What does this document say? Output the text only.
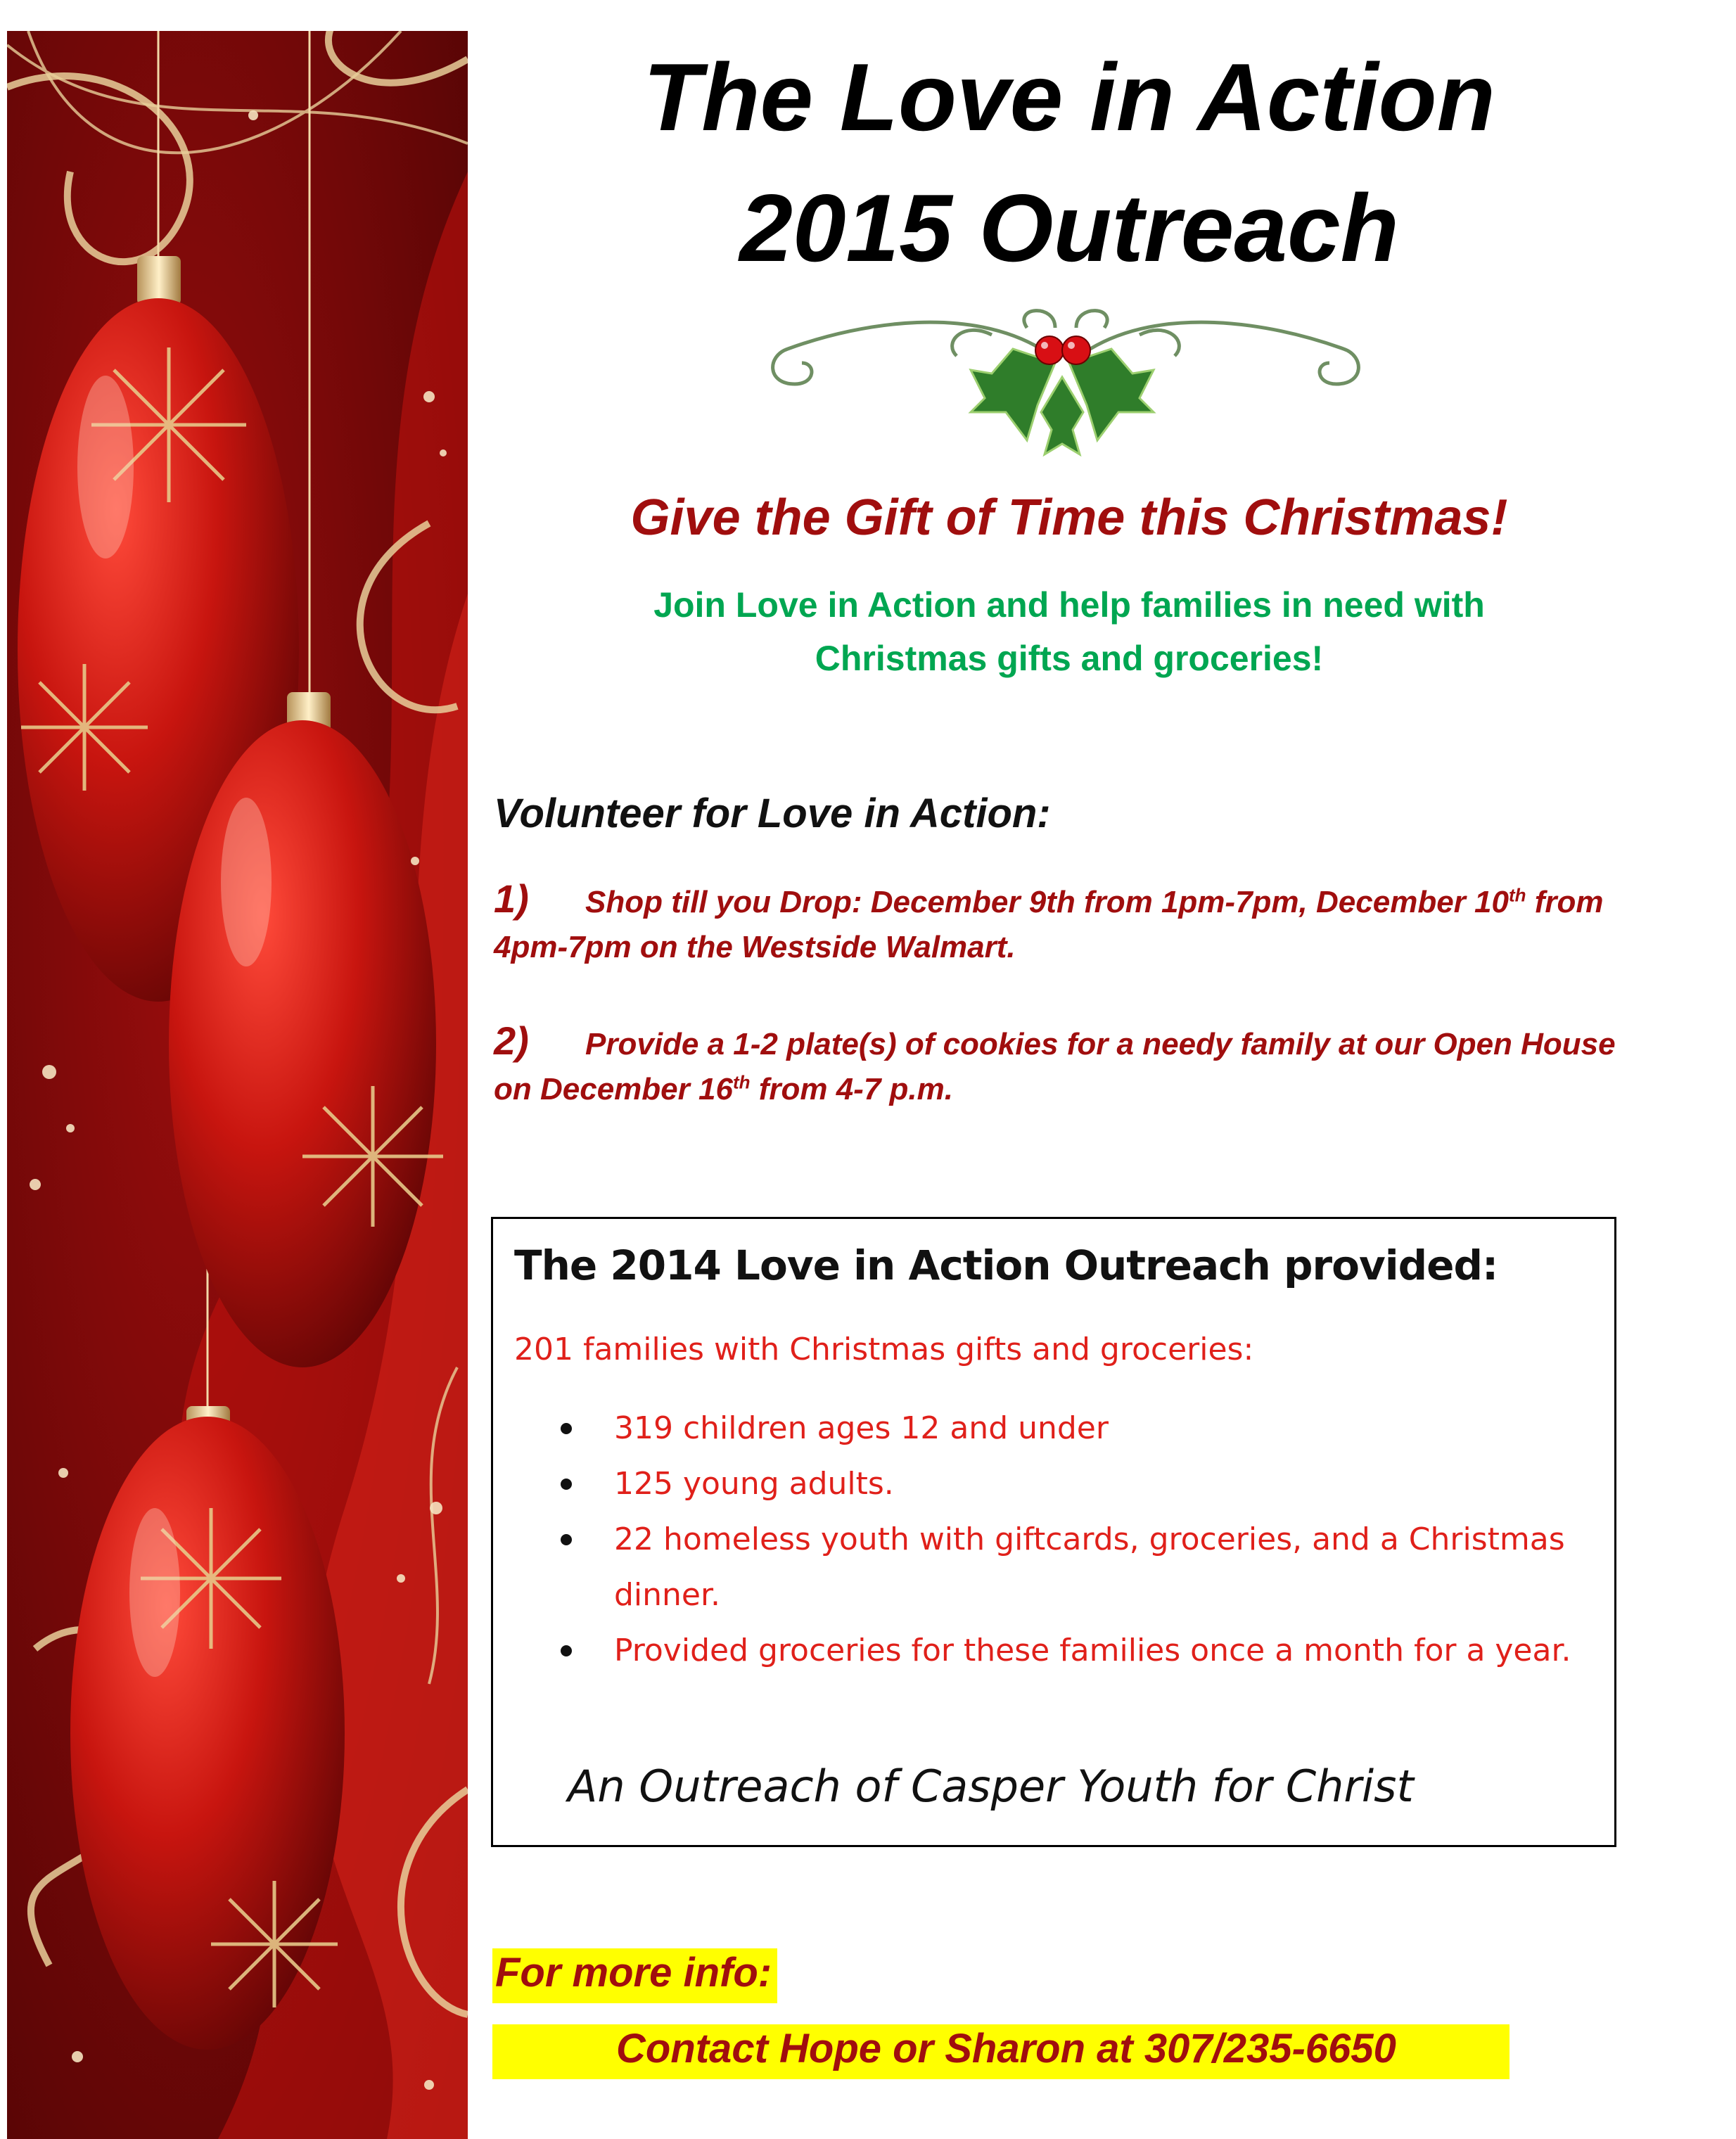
The Love in Action
2015 Outreach
Give the Gift of Time this Christmas!
Join Love in Action and help families in need with
Christmas gifts and groceries!
Volunteer for Love in Action:
1) Shop till you Drop: December 9th from 1pm-7pm, December 10th from 4pm-7pm on the Westside Walmart.
2) Provide a 1-2 plate(s) of cookies for a needy family at our Open House on December 16th from 4-7 p.m.
The 2014 Love in Action Outreach provided:
201 families with Christmas gifts and groceries:
319 children ages 12 and under
125 young adults.
22 homeless youth with giftcards, groceries, and a Christmas dinner.
Provided groceries for these families once a month for a year.
An Outreach of Casper Youth for Christ
For more info:
Contact Hope or Sharon at 307/235-6650
